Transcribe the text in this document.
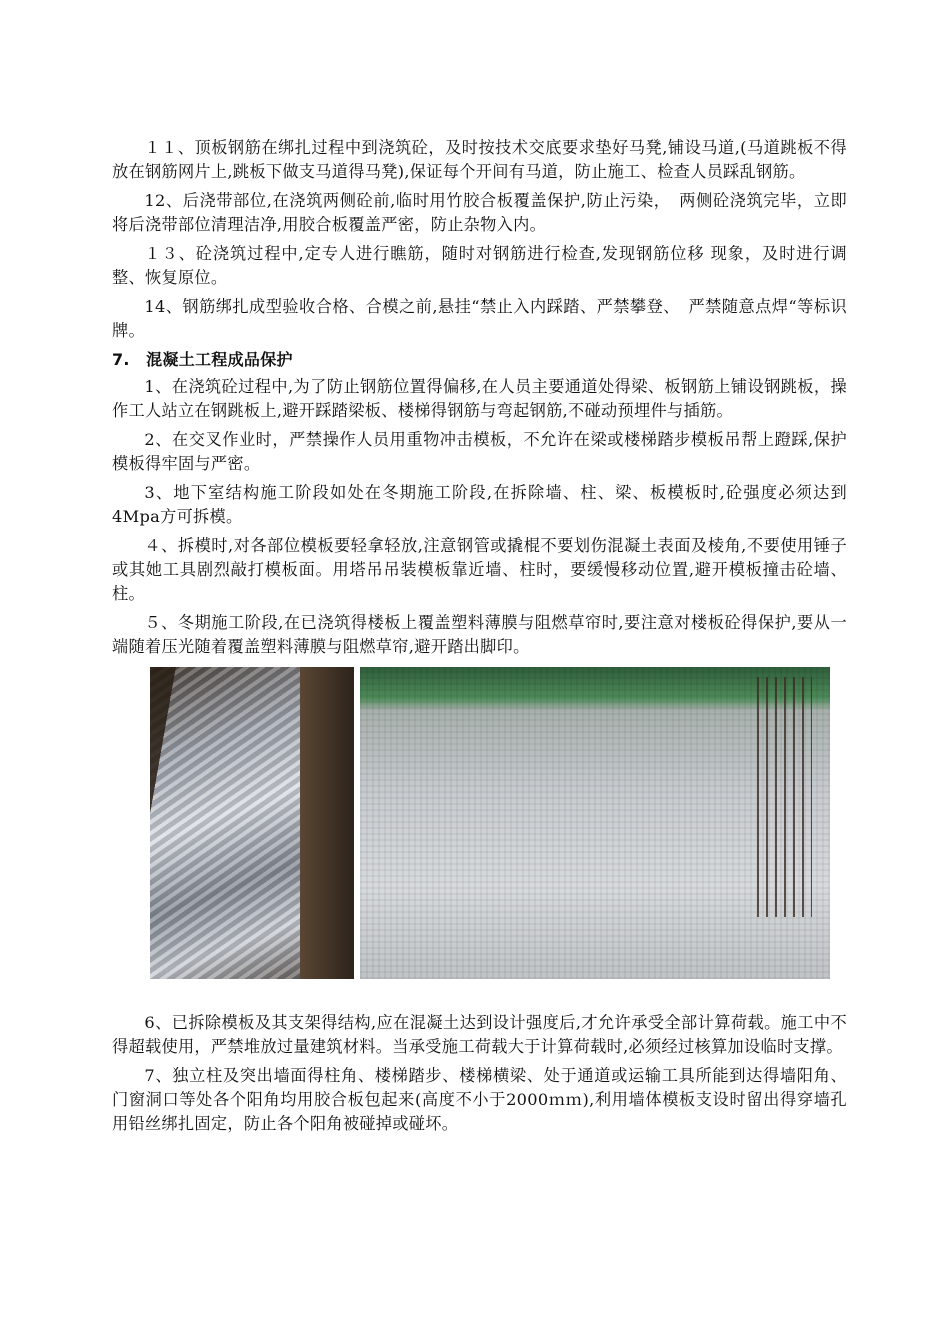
１１、顶板钢筋在绑扎过程中到浇筑砼，及时按技术交底要求垫好马凳,铺设马道,(马道跳板不得放在钢筋网片上,跳板下做支马道得马凳),保证每个开间有马道，防止施工、检查人员踩乱钢筋。

12、后浇带部位,在浇筑两侧砼前,临时用竹胶合板覆盖保护,防止污染，　两侧砼浇筑完毕，立即将后浇带部位清理洁净,用胶合板覆盖严密，防止杂物入内。

１３、砼浇筑过程中,定专人进行瞧筋，随时对钢筋进行检查,发现钢筋位移 现象，及时进行调整、恢复原位。

14、钢筋绑扎成型验收合格、合模之前,悬挂“禁止入内踩踏、严禁攀登、　严禁随意点焊“等标识牌。

7.　混凝土工程成品保护

1、在浇筑砼过程中,为了防止钢筋位置得偏移,在人员主要通道处得梁、板钢筋上铺设钢跳板，操作工人站立在钢跳板上,避开踩踏梁板、楼梯得钢筋与弯起钢筋,不碰动预埋件与插筋。

2、在交叉作业时，严禁操作人员用重物冲击模板，不允许在梁或楼梯踏步模板吊帮上蹬踩,保护模板得牢固与严密。

3、地下室结构施工阶段如处在冬期施工阶段,在拆除墙、柱、梁、板模板时,砼强度必须达到4Mpa方可拆模。

４、拆模时,对各部位模板要轻拿轻放,注意钢管或撬棍不要划伤混凝土表面及棱角,不要使用锤子或其她工具剧烈敲打模板面。用塔吊吊装模板靠近墙、柱时，要缓慢移动位置,避开模板撞击砼墙、柱。

５、冬期施工阶段,在已浇筑得楼板上覆盖塑料薄膜与阻燃草帘时,要注意对楼板砼得保护,要从一端随着压光随着覆盖塑料薄膜与阻燃草帘,避开踏出脚印。

6、已拆除模板及其支架得结构,应在混凝土达到设计强度后,才允许承受全部计算荷载。施工中不得超载使用，严禁堆放过量建筑材料。当承受施工荷载大于计算荷载时,必须经过核算加设临时支撑。

7、独立柱及突出墙面得柱角、楼梯踏步、楼梯横梁、处于通道或运输工具所能到达得墙阳角、门窗洞口等处各个阳角均用胶合板包起来(高度不小于2000ｍｍ),利用墙体模板支设时留出得穿墙孔用铅丝绑扎固定，防止各个阳角被碰掉或碰坏。
